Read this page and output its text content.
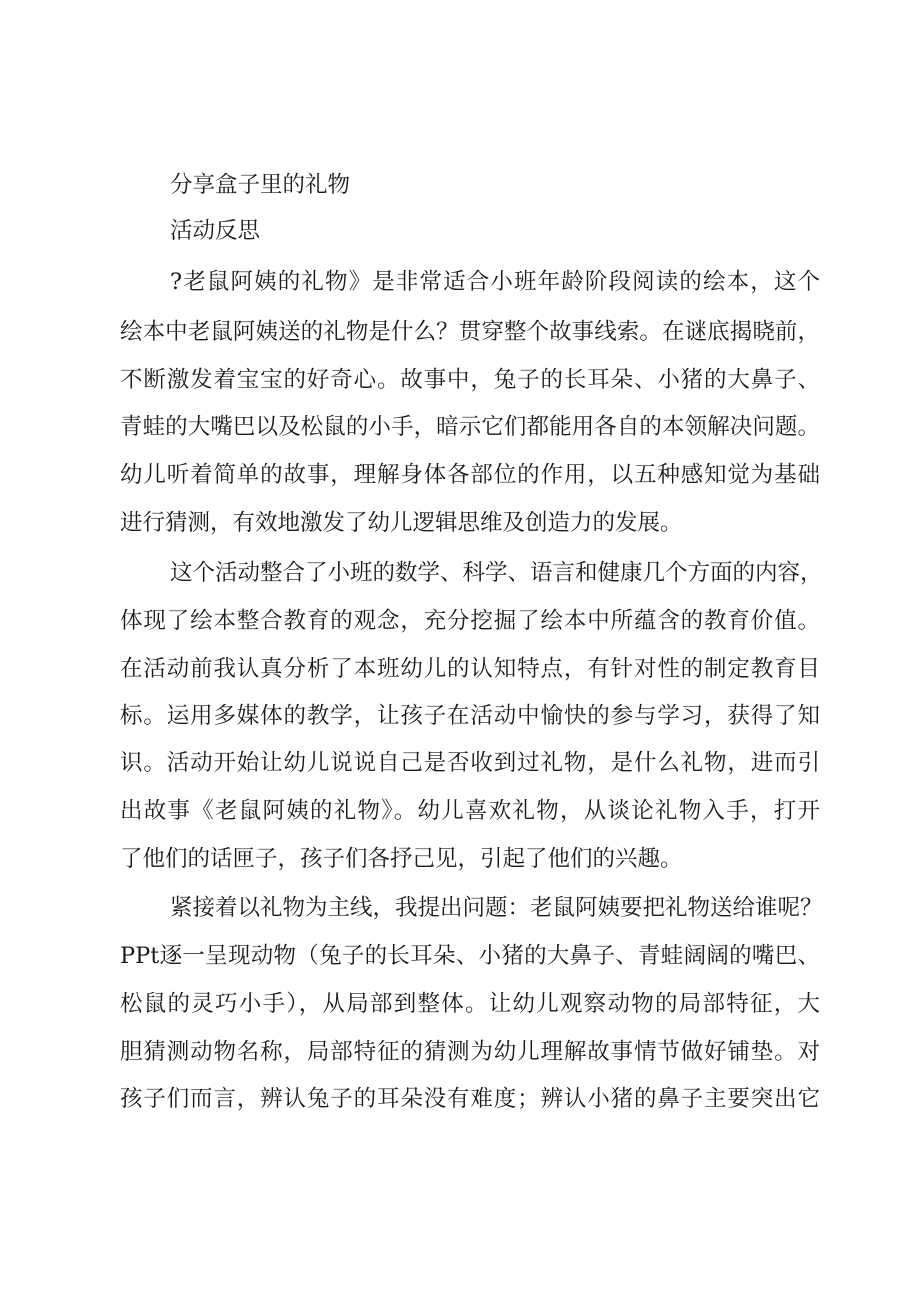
分享盒子里的礼物
活动反思
?老鼠阿姨的礼物》是非常适合小班年龄阶段阅读的绘本，这个
绘本中老鼠阿姨送的礼物是什么？贯穿整个故事线索。在谜底揭晓前，
不断激发着宝宝的好奇心。故事中，兔子的长耳朵、小猪的大鼻子、
青蛙的大嘴巴以及松鼠的小手，暗示它们都能用各自的本领解决问题。
幼儿听着简单的故事，理解身体各部位的作用，以五种感知觉为基础
进行猜测，有效地激发了幼儿逻辑思维及创造力的发展。
这个活动整合了小班的数学、科学、语言和健康几个方面的内容，
体现了绘本整合教育的观念，充分挖掘了绘本中所蕴含的教育价值。
在活动前我认真分析了本班幼儿的认知特点，有针对性的制定教育目
标。运用多媒体的教学，让孩子在活动中愉快的参与学习，获得了知
识。活动开始让幼儿说说自己是否收到过礼物，是什么礼物，进而引
出故事《老鼠阿姨的礼物》。幼儿喜欢礼物，从谈论礼物入手，打开
了他们的话匣子，孩子们各抒己见，引起了他们的兴趣。
紧接着以礼物为主线，我提出问题：老鼠阿姨要把礼物送给谁呢？
PPt逐一呈现动物（兔子的长耳朵、小猪的大鼻子、青蛙阔阔的嘴巴、
松鼠的灵巧小手），从局部到整体。让幼儿观察动物的局部特征，大
胆猜测动物名称，局部特征的猜测为幼儿理解故事情节做好铺垫。对
孩子们而言，辨认兔子的耳朵没有难度；辨认小猪的鼻子主要突出它
